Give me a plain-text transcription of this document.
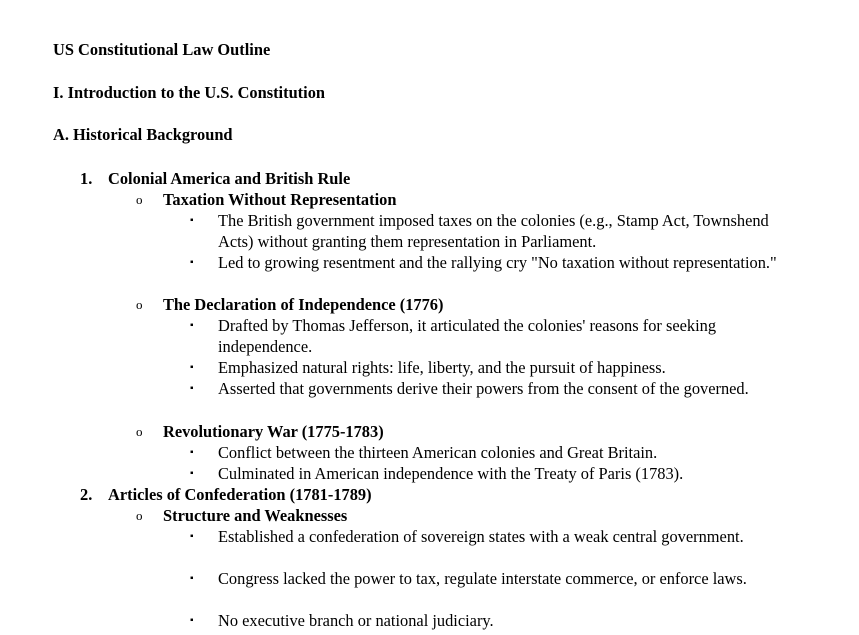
US Constitutional Law Outline
I. Introduction to the U.S. Constitution
A. Historical Background
1. Colonial America and British Rule
o Taxation Without Representation
▪ The British government imposed taxes on the colonies (e.g., Stamp Act, Townshend Acts) without granting them representation in Parliament.
▪ Led to growing resentment and the rallying cry "No taxation without representation."
o The Declaration of Independence (1776)
▪ Drafted by Thomas Jefferson, it articulated the colonies' reasons for seeking independence.
▪ Emphasized natural rights: life, liberty, and the pursuit of happiness.
▪ Asserted that governments derive their powers from the consent of the governed.
o Revolutionary War (1775-1783)
▪ Conflict between the thirteen American colonies and Great Britain.
▪ Culminated in American independence with the Treaty of Paris (1783).
2. Articles of Confederation (1781-1789)
o Structure and Weaknesses
▪ Established a confederation of sovereign states with a weak central government.
▪ Congress lacked the power to tax, regulate interstate commerce, or enforce laws.
▪ No executive branch or national judiciary.
